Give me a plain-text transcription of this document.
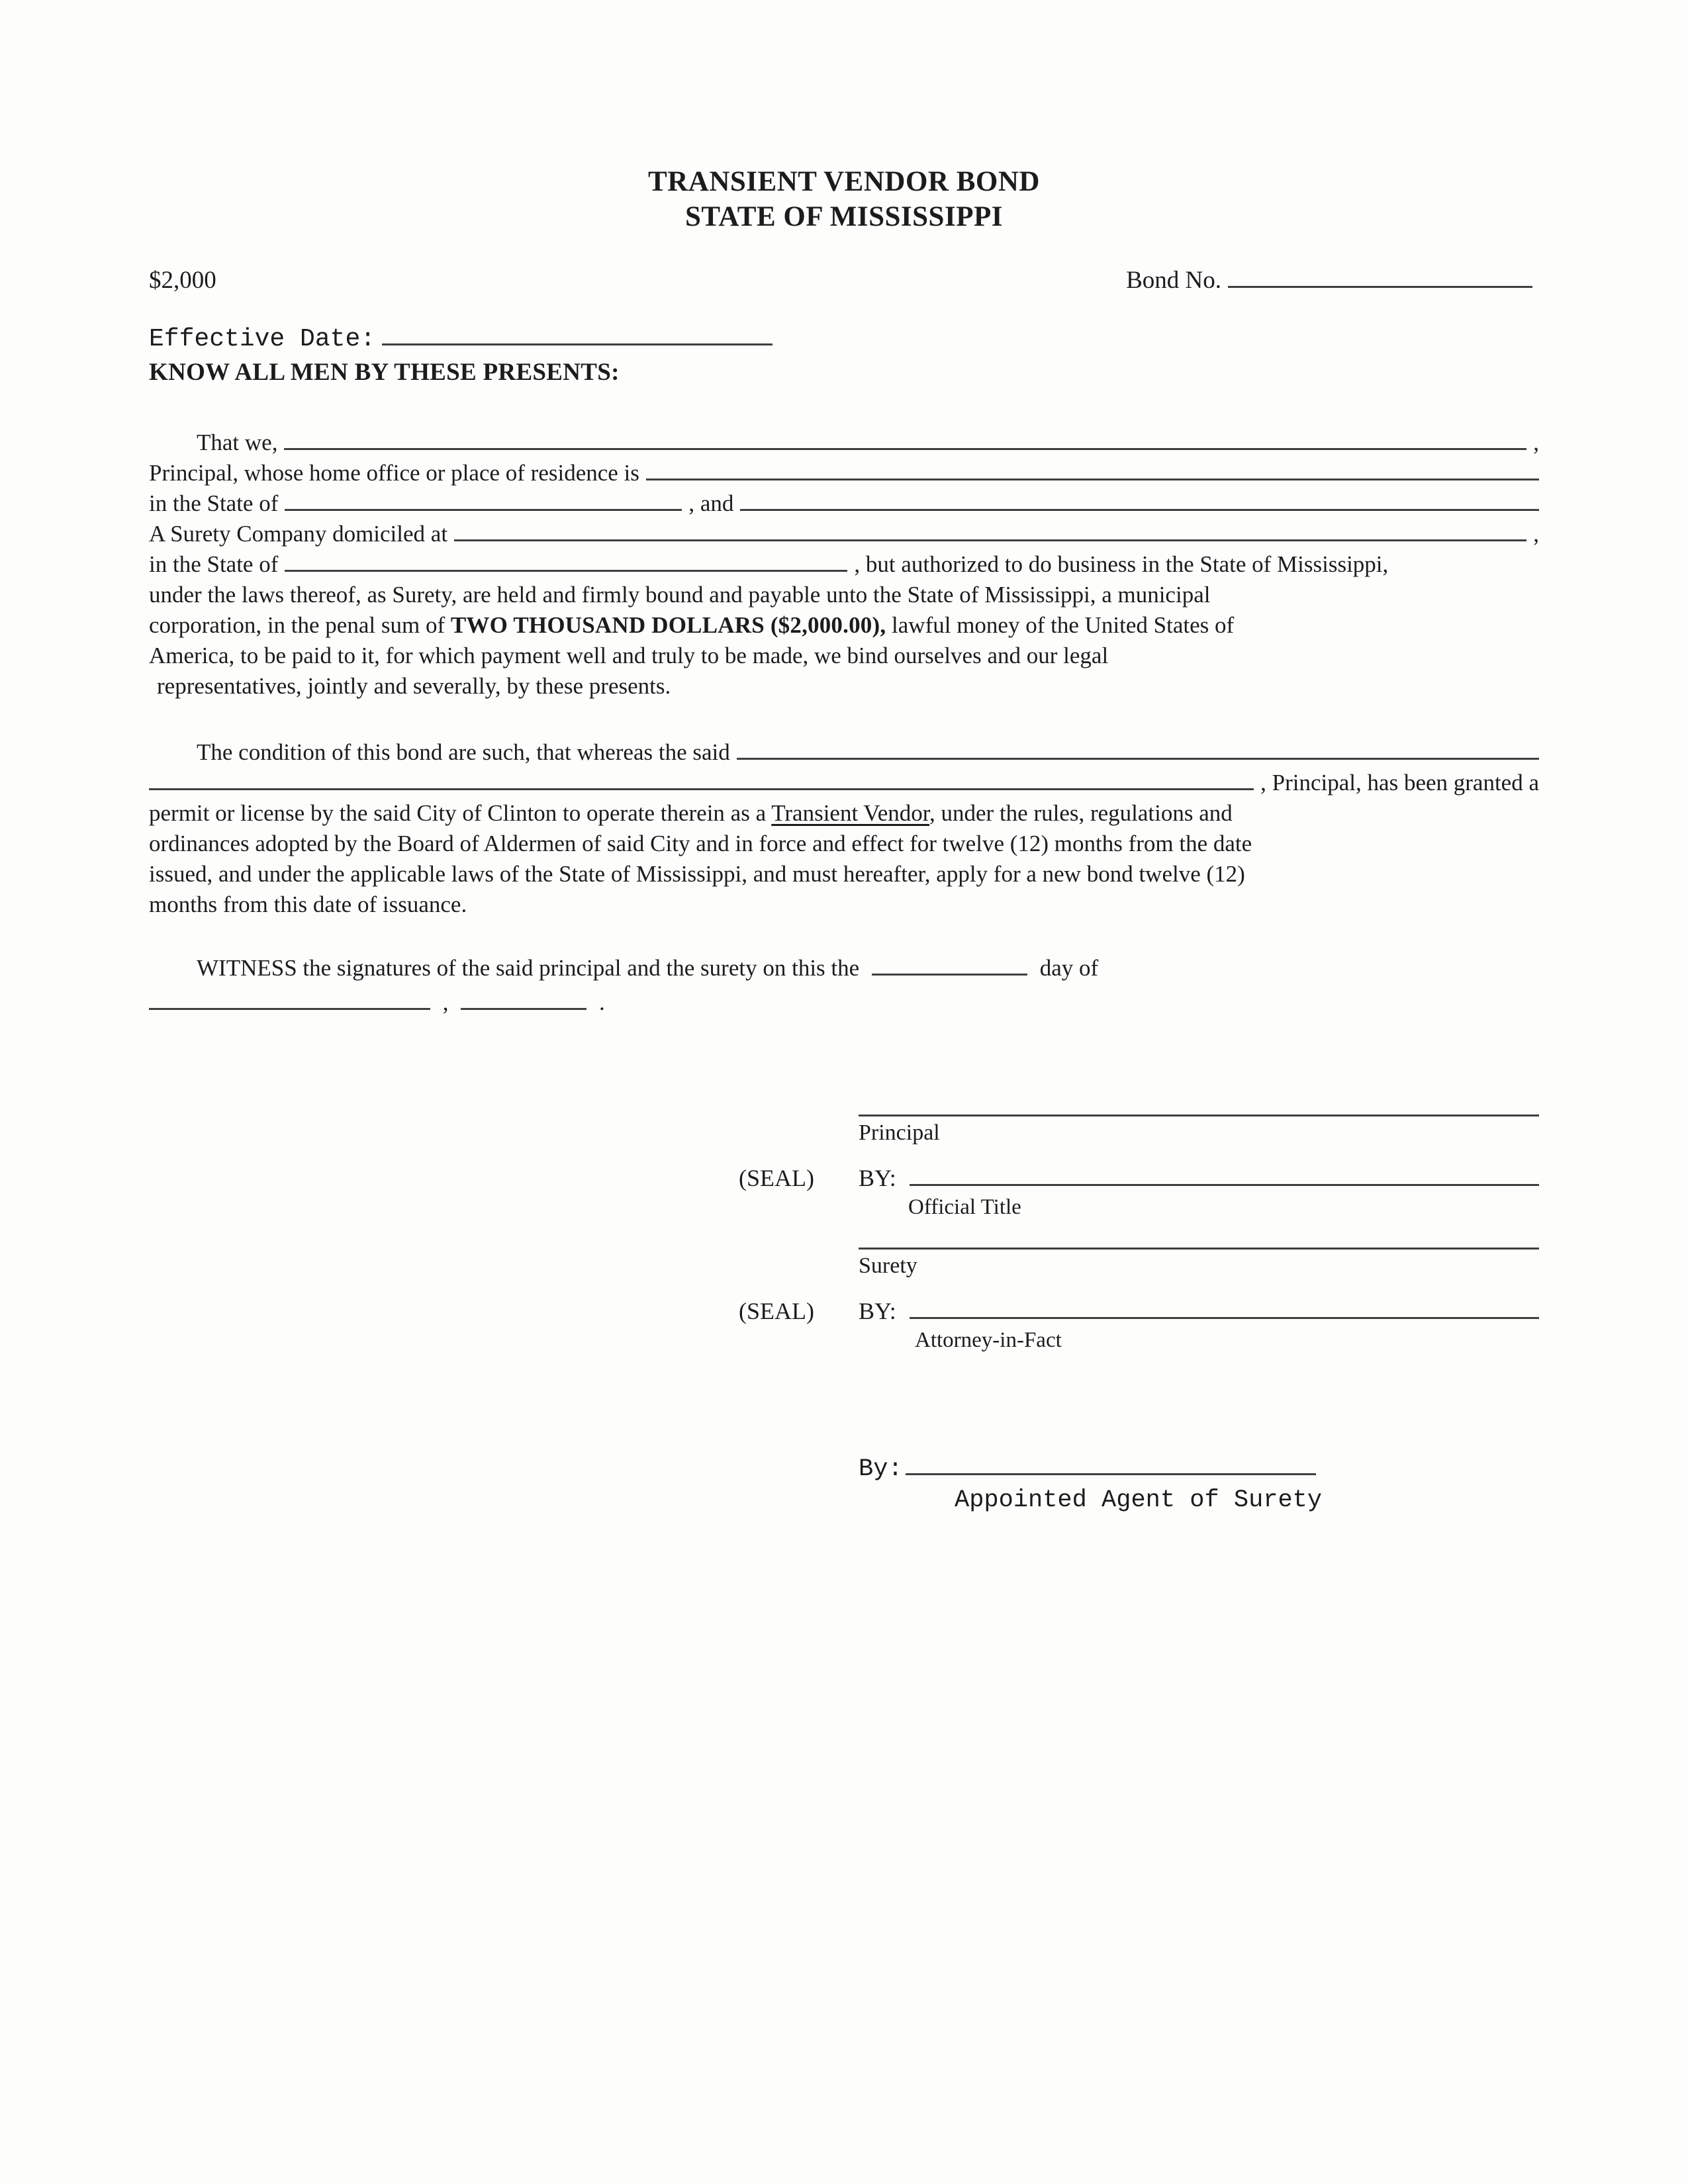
TRANSIENT VENDOR BOND
STATE OF MISSISSIPPI
$2,000	Bond No.
Effective Date:
KNOW ALL MEN BY THESE PRESENTS:
That we,	,
Principal, whose home office or place of residence is
in the State of	, and
A Surety Company domiciled at	,
in the State of	, but authorized to do business in the State of Mississippi,
under the laws thereof, as Surety, are held and firmly bound and payable unto the State of Mississippi, a municipal
corporation, in the penal sum of TWO THOUSAND DOLLARS ($2,000.00), lawful money of the United States of
America, to be paid to it, for which payment well and truly to be made, we bind ourselves and our legal
representatives, jointly and severally, by these presents.
The condition of this bond are such, that whereas the said
, Principal, has been granted a
permit or license by the said City of Clinton to operate therein as a Transient Vendor, under the rules, regulations and
ordinances adopted by the Board of Aldermen of said City and in force and effect for twelve (12) months from the date
issued, and under the applicable laws of the State of Mississippi, and must hereafter, apply for a new bond twelve (12)
months from this date of issuance.
WITNESS the signatures of the said principal and the surety on this the	day of
,	.
Principal
(SEAL)	BY:
Official Title
Surety
(SEAL)	BY:
Attorney-in-Fact
By:
Appointed Agent of Surety
